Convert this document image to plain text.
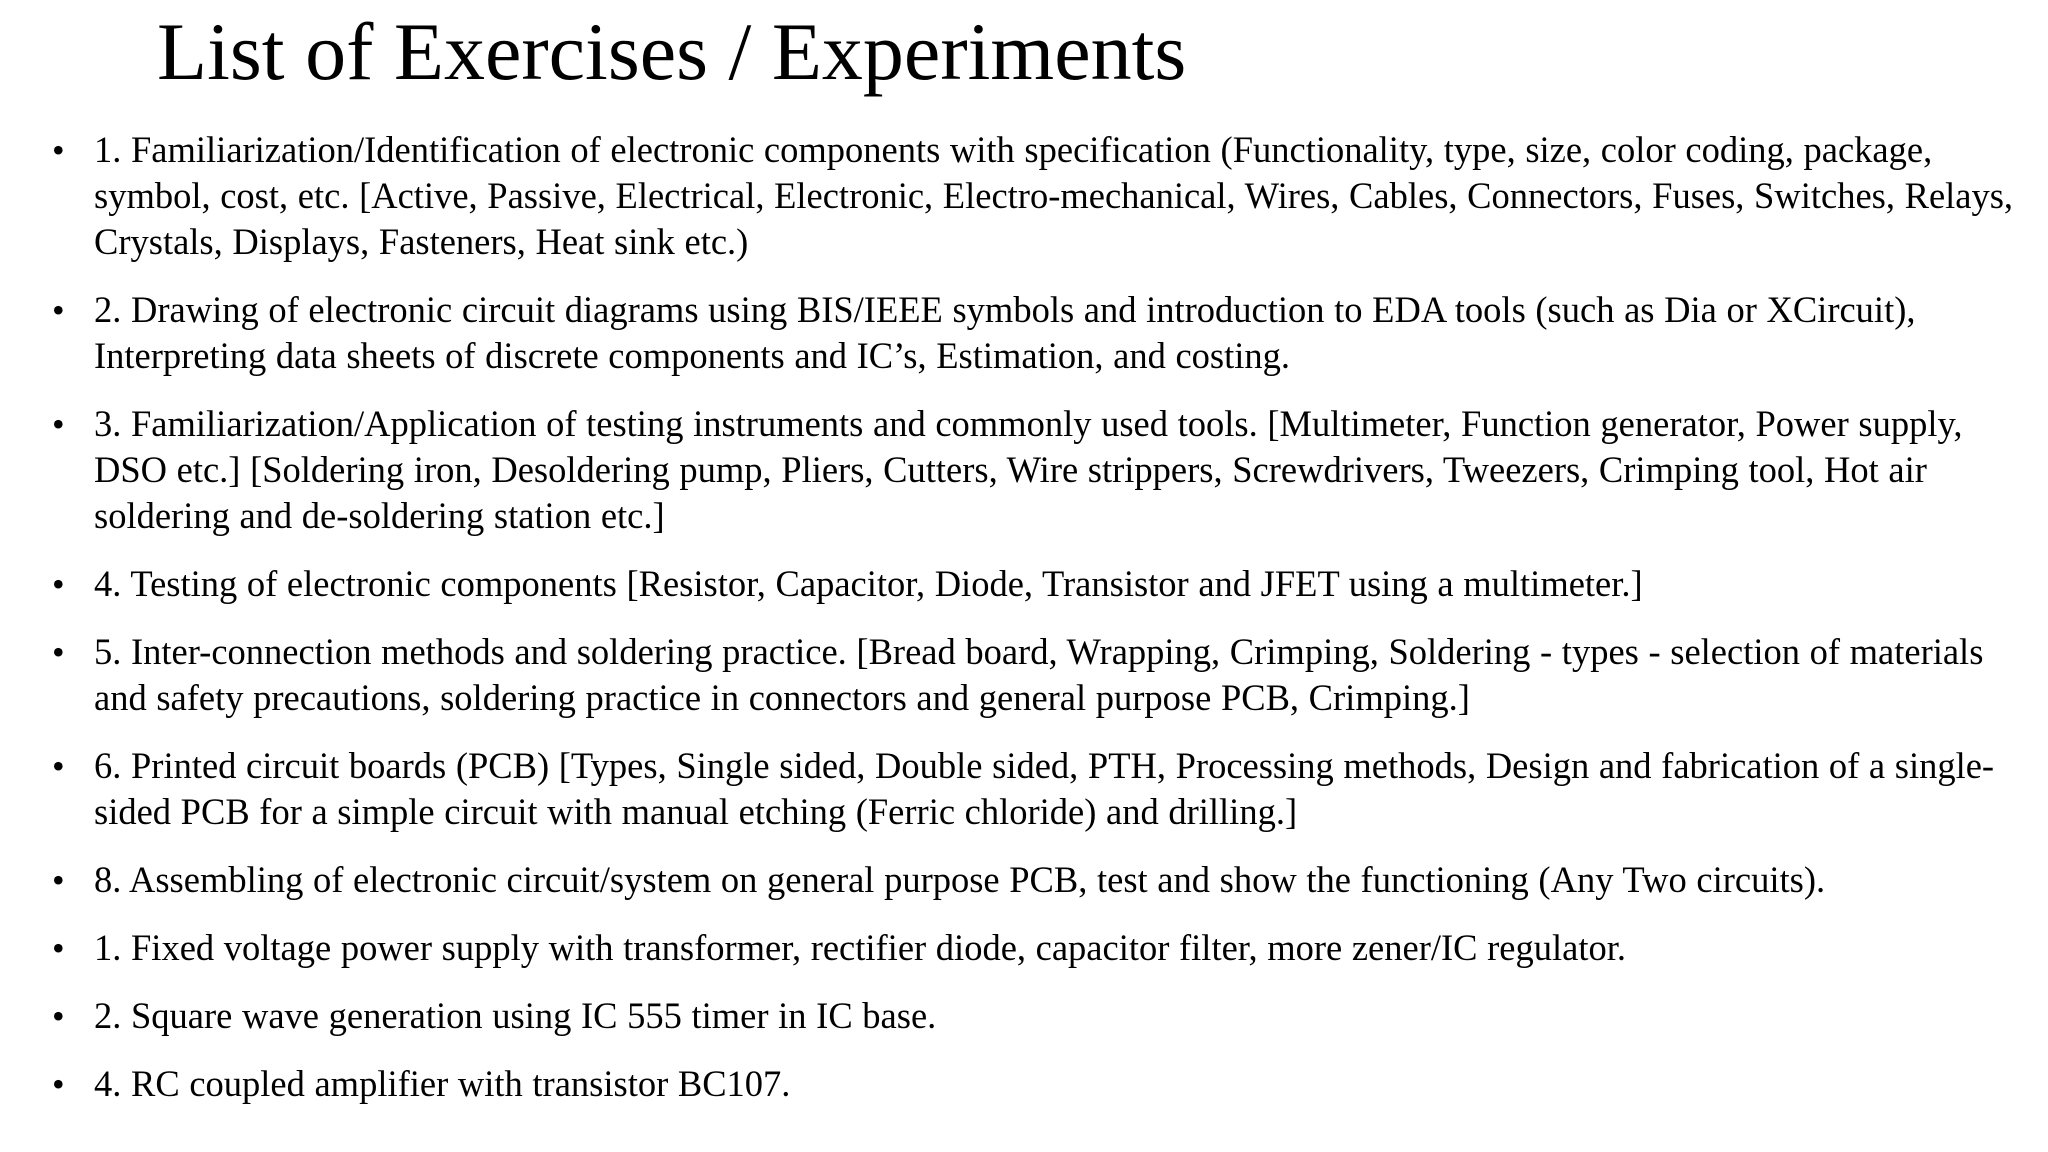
List of Exercises / Experiments
• 1. Familiarization/Identification of electronic components with specification (Functionality, type, size, color coding, package, symbol, cost, etc. [Active, Passive, Electrical, Electronic, Electro-mechanical, Wires, Cables, Connectors, Fuses, Switches, Relays, Crystals, Displays, Fasteners, Heat sink etc.)
• 2. Drawing of electronic circuit diagrams using BIS/IEEE symbols and introduction to EDA tools (such as Dia or XCircuit), Interpreting data sheets of discrete components and IC’s, Estimation, and costing.
• 3. Familiarization/Application of testing instruments and commonly used tools. [Multimeter, Function generator, Power supply, DSO etc.] [Soldering iron, Desoldering pump, Pliers, Cutters, Wire strippers, Screwdrivers, Tweezers, Crimping tool, Hot air soldering and de-soldering station etc.]
• 4. Testing of electronic components [Resistor, Capacitor, Diode, Transistor and JFET using a multimeter.]
• 5. Inter-connection methods and soldering practice. [Bread board, Wrapping, Crimping, Soldering - types - selection of materials and safety precautions, soldering practice in connectors and general purpose PCB, Crimping.]
• 6. Printed circuit boards (PCB) [Types, Single sided, Double sided, PTH, Processing methods, Design and fabrication of a single-sided PCB for a simple circuit with manual etching (Ferric chloride) and drilling.]
• 8. Assembling of electronic circuit/system on general purpose PCB, test and show the functioning (Any Two circuits).
• 1. Fixed voltage power supply with transformer, rectifier diode, capacitor filter, more zener/IC regulator.
• 2. Square wave generation using IC 555 timer in IC base.
• 4. RC coupled amplifier with transistor BC107.
